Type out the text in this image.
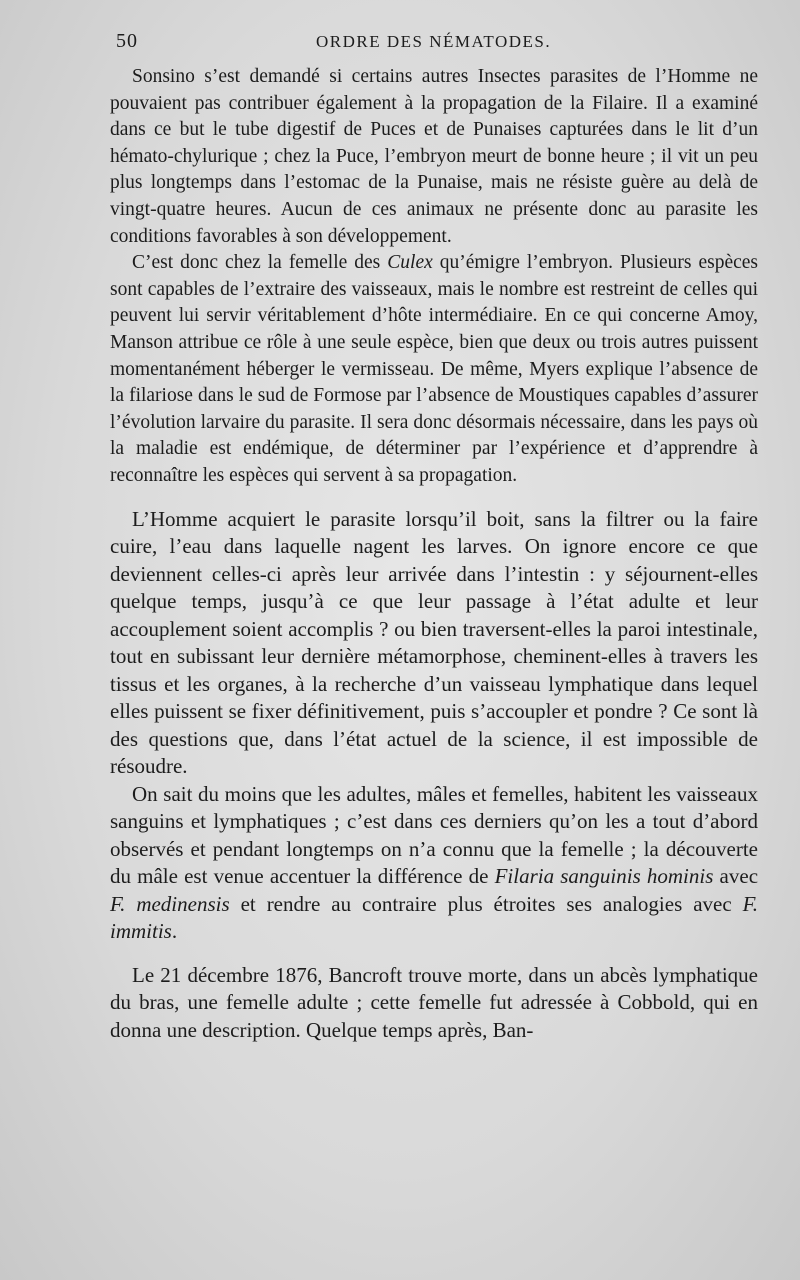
50	ORDRE DES NÉMATODES.

Sonsino s’est demandé si certains autres Insectes parasites de l’Homme ne pouvaient pas contribuer également à la propagation de la Filaire. Il a examiné dans ce but le tube digestif de Puces et de Punaises capturées dans le lit d’un hémato-chylurique ; chez la Puce, l’embryon meurt de bonne heure ; il vit un peu plus longtemps dans l’estomac de la Punaise, mais ne résiste guère au delà de vingt-quatre heures. Aucun de ces animaux ne présente donc au parasite les conditions favorables à son développement.

C’est donc chez la femelle des Culex qu’émigre l’embryon. Plusieurs espèces sont capables de l’extraire des vaisseaux, mais le nombre est restreint de celles qui peuvent lui servir véritablement d’hôte intermédiaire. En ce qui concerne Amoy, Manson attribue ce rôle à une seule espèce, bien que deux ou trois autres puissent momentanément héberger le vermisseau. De même, Myers explique l’absence de la filariose dans le sud de Formose par l’absence de Moustiques capables d’assurer l’évolution larvaire du parasite. Il sera donc désormais nécessaire, dans les pays où la maladie est endémique, de déterminer par l’expérience et d’apprendre à reconnaître les espèces qui servent à sa propagation.

L’Homme acquiert le parasite lorsqu’il boit, sans la filtrer ou la faire cuire, l’eau dans laquelle nagent les larves. On ignore encore ce que deviennent celles-ci après leur arrivée dans l’intestin : y séjournent-elles quelque temps, jusqu’à ce que leur passage à l’état adulte et leur accouplement soient accomplis ? ou bien traversent-elles la paroi intestinale, tout en subissant leur dernière métamorphose, cheminent-elles à travers les tissus et les organes, à la recherche d’un vaisseau lymphatique dans lequel elles puissent se fixer définitivement, puis s’accoupler et pondre ? Ce sont là des questions que, dans l’état actuel de la science, il est impossible de résoudre.

On sait du moins que les adultes, mâles et femelles, habitent les vaisseaux sanguins et lymphatiques ; c’est dans ces derniers qu’on les a tout d’abord observés et pendant longtemps on n’a connu que la femelle ; la découverte du mâle est venue accentuer la différence de Filaria sanguinis hominis avec F. medinensis et rendre au contraire plus étroites ses analogies avec F. immitis.

Le 21 décembre 1876, Bancroft trouve morte, dans un abcès lymphatique du bras, une femelle adulte ; cette femelle fut adressée à Cobbold, qui en donna une description. Quelque temps après, Ban-
